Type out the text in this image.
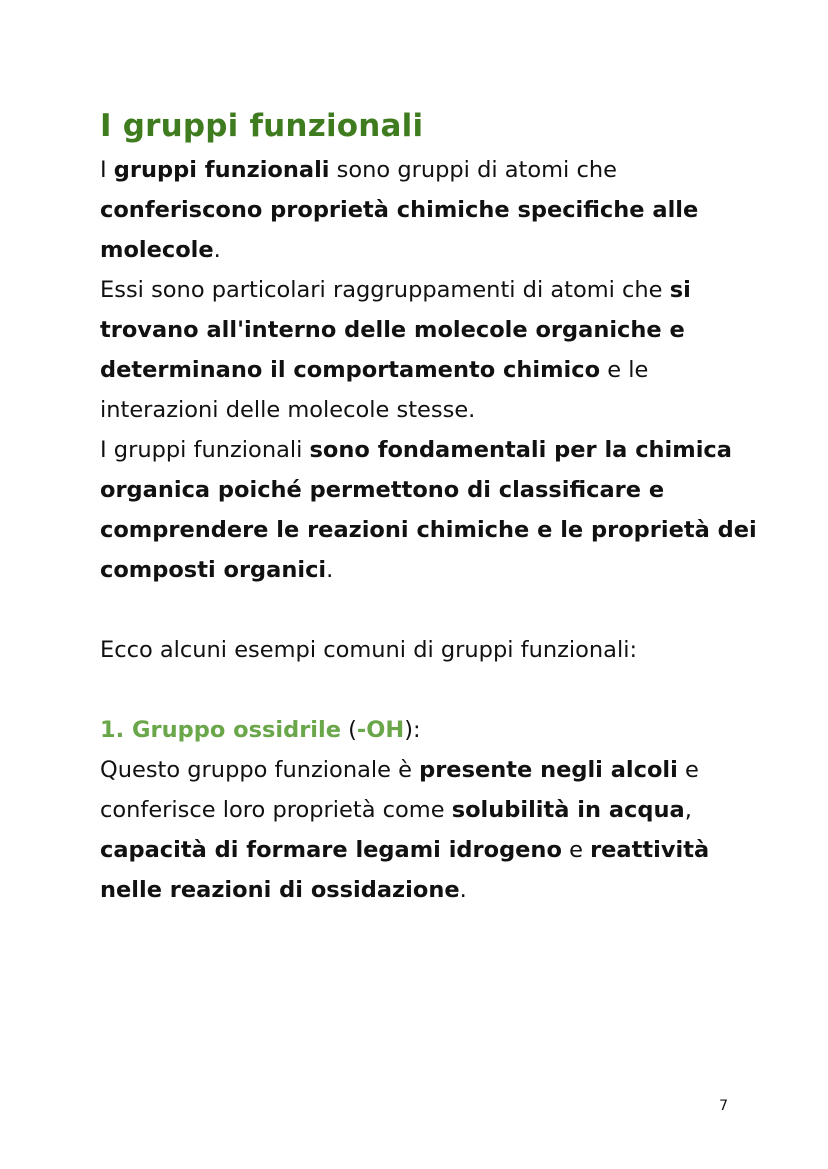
I gruppi funzionali

I gruppi funzionali sono gruppi di atomi che
conferiscono proprietà chimiche specifiche alle
molecole.

Essi sono particolari raggruppamenti di atomi che si
trovano all'interno delle molecole organiche e
determinano il comportamento chimico e le
interazioni delle molecole stesse.

I gruppi funzionali sono fondamentali per la chimica
organica poiché permettono di classificare e
comprendere le reazioni chimiche e le proprietà dei
composti organici.

Ecco alcuni esempi comuni di gruppi funzionali:

1. Gruppo ossidrile (-OH):

Questo gruppo funzionale è presente negli alcoli e
conferisce loro proprietà come solubilità in acqua,
capacità di formare legami idrogeno e reattività
nelle reazioni di ossidazione.

7
